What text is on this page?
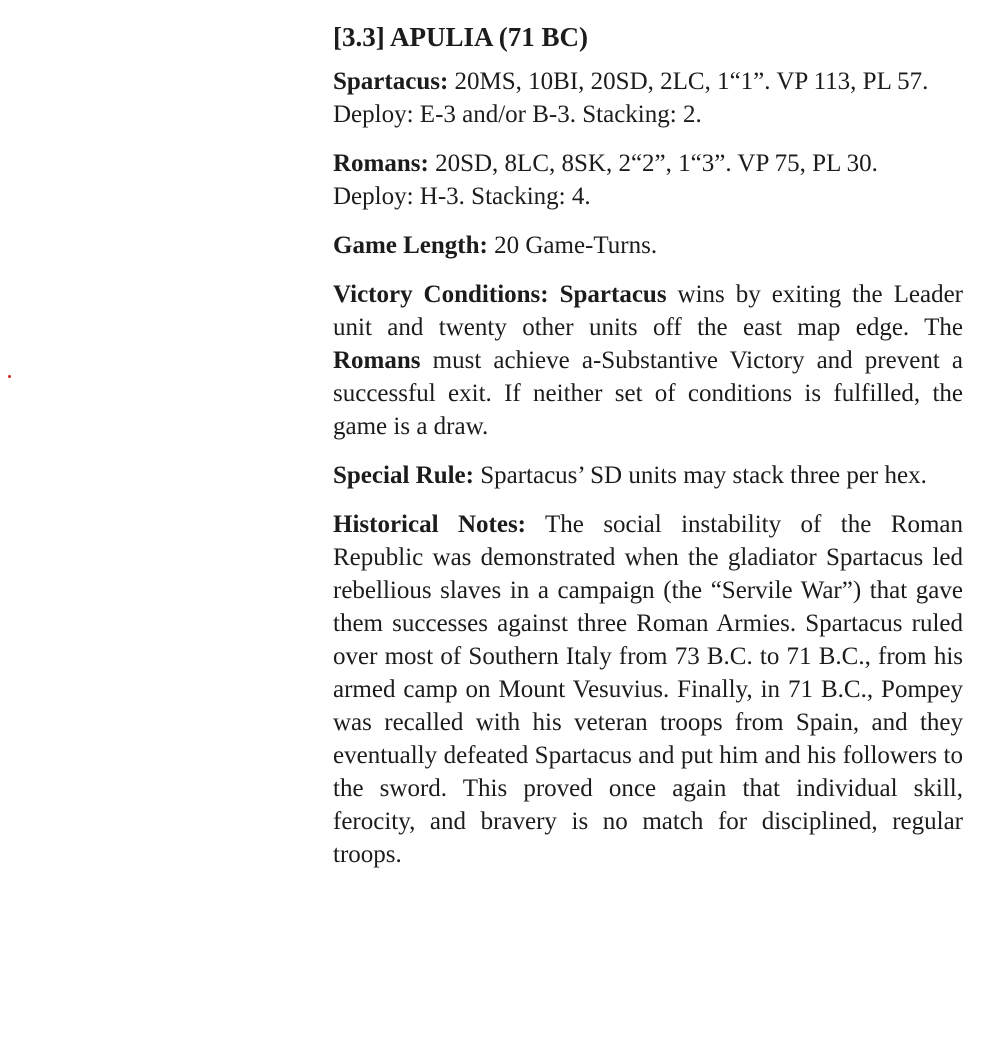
[3.3] APULIA (71 BC)

Spartacus: 20MS, 10BI, 20SD, 2LC, 1“1”. VP 113, PL 57. Deploy: E-3 and/or B-3. Stacking: 2.

Romans: 20SD, 8LC, 8SK, 2“2”, 1“3”. VP 75, PL 30. Deploy: H-3. Stacking: 4.

Game Length: 20 Game-Turns.

Victory Conditions: Spartacus wins by exiting the Leader unit and twenty other units off the east map edge. The Romans must achieve a-Substantive Victory and prevent a successful exit. If neither set of conditions is fulfilled, the game is a draw.

Special Rule: Spartacus’ SD units may stack three per hex.

Historical Notes: The social instability of the Roman Republic was demonstrated when the gladiator Spartacus led rebellious slaves in a campaign (the “Servile War”) that gave them successes against three Roman Armies. Spartacus ruled over most of Southern Italy from 73 B.C. to 71 B.C., from his armed camp on Mount Vesuvius. Finally, in 71 B.C., Pompey was recalled with his veteran troops from Spain, and they eventually defeated Spartacus and put him and his followers to the sword. This proved once again that individual skill, ferocity, and bravery is no match for disciplined, regular troops.
